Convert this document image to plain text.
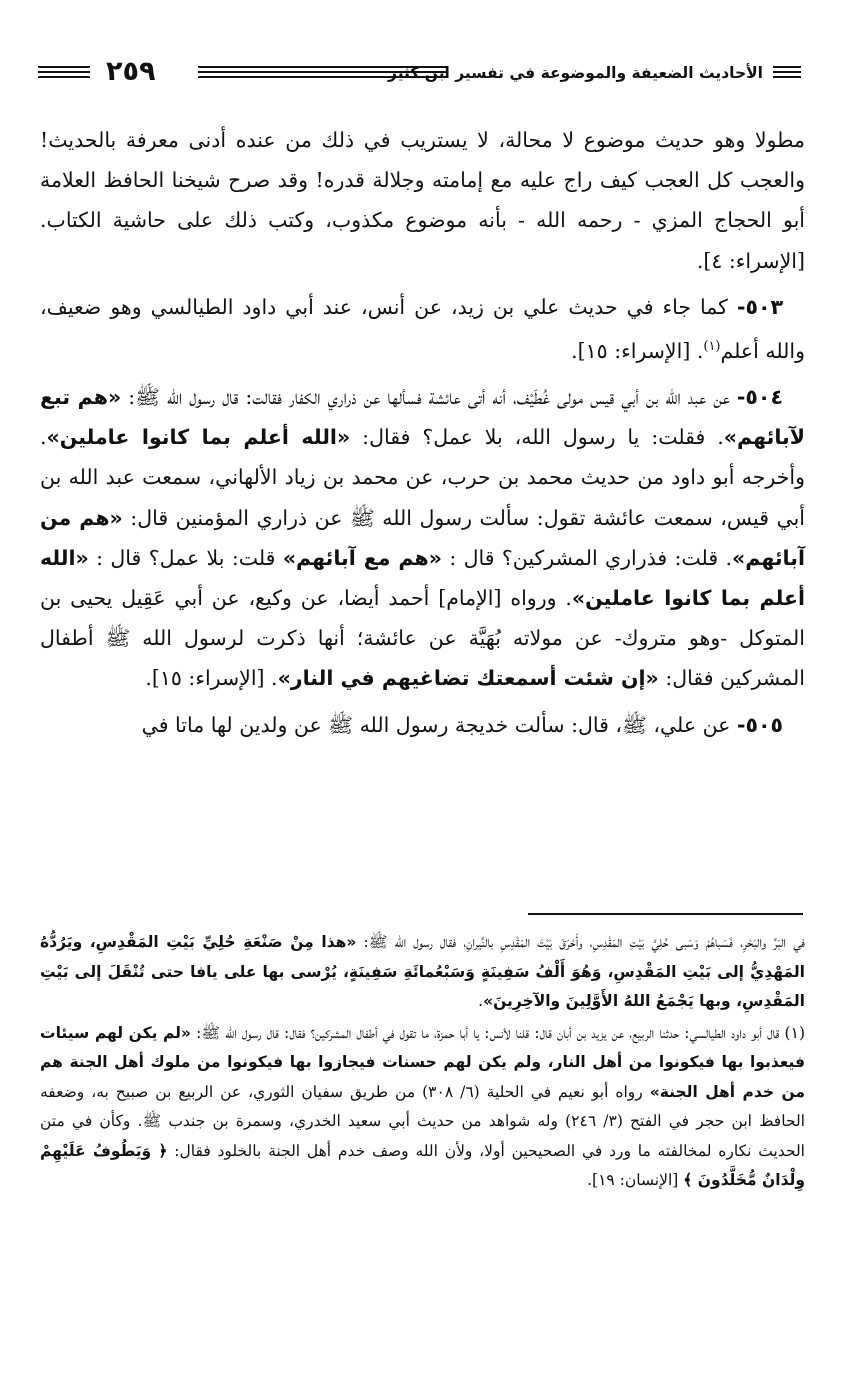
٢٥٩	الأحاديث الضعيفة والموضوعة في تفسير ابن كثير

مطولا وهو حديث موضوع لا محالة، لا يستريب في ذلك من عنده أدنى معرفة بالحديث! والعجب كل العجب كيف راج عليه مع إمامته وجلالة قدره! وقد صرح شيخنا الحافظ العلامة أبو الحجاج المزي - رحمه الله - بأنه موضوع مكذوب، وكتب ذلك على حاشية الكتاب. [الإسراء: ٤].

٥٠٣- كما جاء في حديث علي بن زيد، عن أنس، عند أبي داود الطيالسي وهو ضعيف، والله أعلم$^{(١)}$. [الإسراء: ١٥].

٥٠٤- عن عبد الله بن أبي قيس مولى غُطَيْف، أنه أتى عائشة فسألها عن ذراري الكفار فقالت: قال رسول الله ﷺ: «هم تبع لآبائهم». فقلت: يا رسول الله، بلا عمل؟ فقال: «الله أعلم بما كانوا عاملين». وأخرجه أبو داود من حديث محمد بن حرب، عن محمد بن زياد الألهاني، سمعت عبد الله بن أبي قيس، سمعت عائشة تقول: سألت رسول الله ﷺ عن ذراري المؤمنين قال: «هم من آبائهم». قلت: فذراري المشركين؟ قال : «هم مع آبائهم» قلت: بلا عمل؟ قال : «الله أعلم بما كانوا عاملين». ورواه [الإمام] أحمد أيضا، عن وكيع، عن أبي عَقِيل يحيى بن المتوكل -وهو متروك- عن مولاته بُهَيَّة عن عائشة؛ أنها ذكرت لرسول الله ﷺ أطفال المشركين فقال: «إن شئت أسمعتك تضاغيهم في النار». [الإسراء: ١٥].

٥٠٥- عن علي، ﷺ، قال: سألت خديجة رسول الله ﷺ عن ولدين لها ماتا في

في البَرِّ والبَحْرِ، فَسَباهُمْ وَسَبى حُلِيَّ بَيْتِ المَقْدِسِ، وأَحْرَقَ بَيْتَ المَقْدِسِ بالنِّيرانِ، فقال رسول الله ﷺ: «هذا مِنْ صَنْعَةِ حُلِيِّ بَيْتِ المَقْدِسِ، ويَرُدُّهُ المَهْدِيُّ إلى بَيْتِ المَقْدِسِ، وَهُوَ أَلْفُ سَفِينَةٍ وَسَبْعُمائَةِ سَفِينَةٍ، يُرْسى بها على يافا حتى تُنْقَلَ إلى بَيْتِ المَقْدِسِ، وبها يَجْمَعُ اللهُ الأَوَّلِينَ والآخِرِينَ».

(١) قال أبو داود الطيالسي: حدثنا الربيع، عن يزيد بن أبان قال: قلنا لأنس: يا أبا حمزة، ما تقول في أطفال المشركين؟ فقال: قال رسول الله ﷺ: «لم يكن لهم سيئات فيعذبوا بها فيكونوا من أهل النار، ولم يكن لهم حسنات فيجازوا بها فيكونوا من ملوك أهل الجنة هم من خدم أهل الجنة» رواه أبو نعيم في الحلية (٦/ ٣٠٨) من طريق سفيان الثوري، عن الربيع بن صبيح به، وضعفه الحافظ ابن حجر في الفتح (٣/ ٢٤٦) وله شواهد من حديث أبي سعيد الخدري، وسمرة بن جندب ﷺ. وكأن في متن الحديث نكاره لمخالفته ما ورد في الصحيحين أولا، ولأن الله وصف خدم أهل الجنة بالخلود فقال: ﴿ وَيَطُوفُ عَلَيْهِمْ وِلْدَانٌ مُّخَلَّدُونَ ﴾ [الإنسان: ١٩].
